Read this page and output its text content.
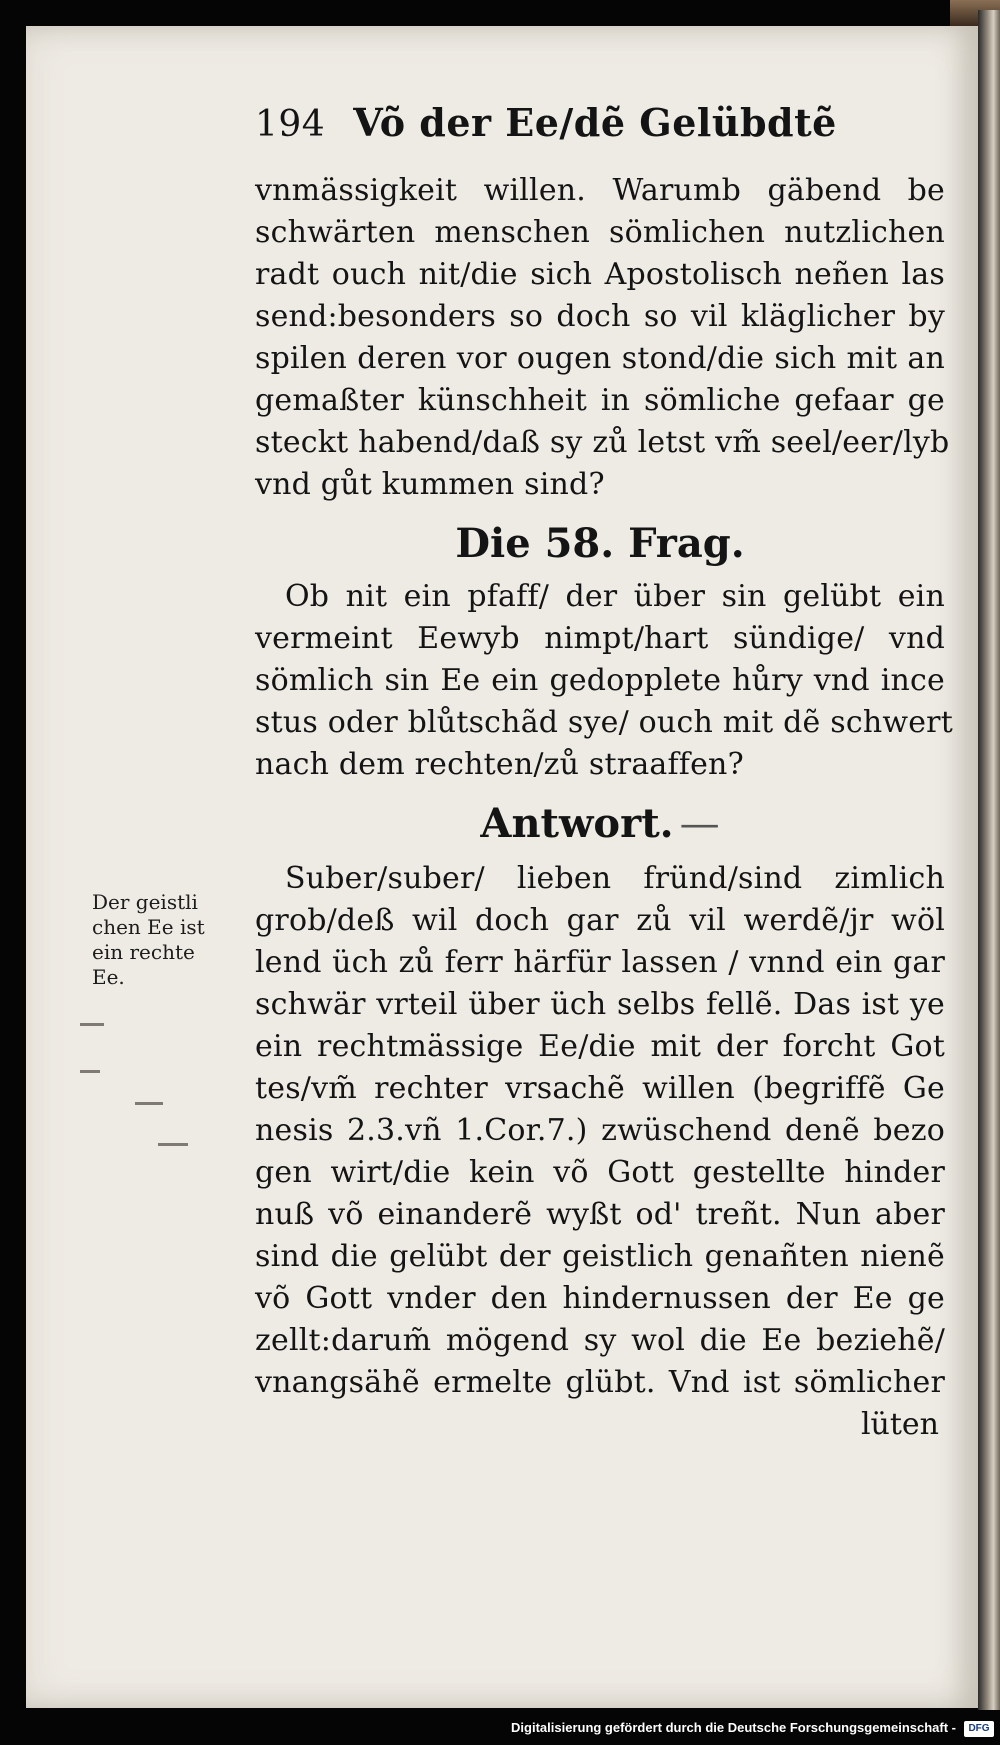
194 Võ der Ee/dẽ Gelübdtẽ
vnmässigkeit willen. Warumb gäbend be
schwärten menschen sömlichen nutzlichen
radt ouch nit/die sich Apostolisch neñen las
send:besonders so doch so vil kläglicher by
spilen deren vor ougen stond/die sich mit an
gemaßter künschheit in sömliche gefaar ge
steckt habend/daß sy zů letst vm̃ seel/eer/lyb
vnd gůt kummen sind?
Die 58. Frag.
Ob nit ein pfaff/ der über sin gelübt ein
vermeint Eewyb nimpt/hart sündige/ vnd
sömlich sin Ee ein gedopplete hůry vnd ince
stus oder blůtschãd sye/ ouch mit dẽ schwert
nach dem rechten/zů straaffen?
Antwort. —
Suber/suber/ lieben fründ/sind zimlich
grob/deß wil doch gar zů vil werdẽ/jr wöl
lend üch zů ferr härfür lassen / vnnd ein gar
schwär vrteil über üch selbs fellẽ. Das ist ye
ein rechtmässige Ee/die mit der forcht Got
tes/vm̃ rechter vrsachẽ willen (begriffẽ Ge
nesis 2.3.vñ 1.Cor.7.) zwüschend denẽ bezo
gen wirt/die kein võ Gott gestellte hinder
nuß võ einanderẽ wyßt od' treñt. Nun aber
sind die gelübt der geistlich genañten nienẽ
võ Gott vnder den hindernussen der Ee ge
zellt:darum̃ mögend sy wol die Ee beziehẽ/
vnangsähẽ ermelte glübt. Vnd ist sömlicher
lüten
Der geistli
chen Ee ist
ein rechte
Ee.
Digitalisierung gefördert durch die Deutsche Forschungsgemeinschaft -	DFG
